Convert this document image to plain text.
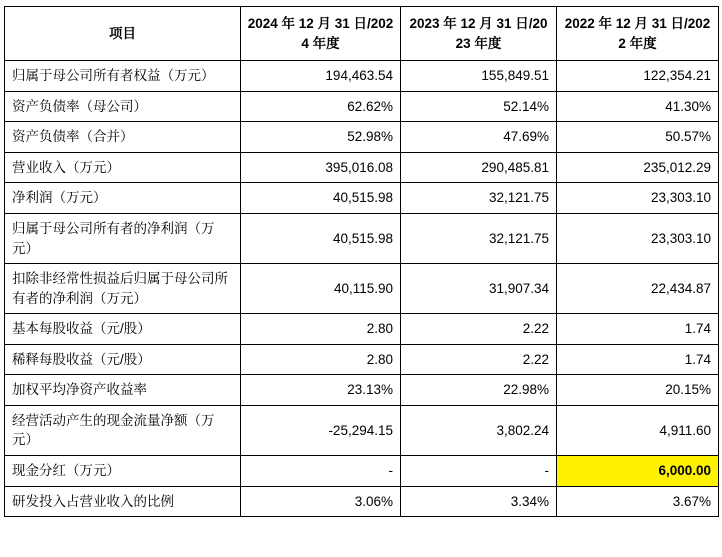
项目	2024 年 12 月 31 日/2024 年度	2023 年 12 月 31 日/2023 年度	2022 年 12 月 31 日/2022 年度
归属于母公司所有者权益（万元）	194,463.54	155,849.51	122,354.21
资产负债率（母公司）	62.62%	52.14%	41.30%
资产负债率（合并）	52.98%	47.69%	50.57%
营业收入（万元）	395,016.08	290,485.81	235,012.29
净利润（万元）	40,515.98	32,121.75	23,303.10
归属于母公司所有者的净利润（万元）	40,515.98	32,121.75	23,303.10
扣除非经常性损益后归属于母公司所有者的净利润（万元）	40,115.90	31,907.34	22,434.87
基本每股收益（元/股）	2.80	2.22	1.74
稀释每股收益（元/股）	2.80	2.22	1.74
加权平均净资产收益率	23.13%	22.98%	20.15%
经营活动产生的现金流量净额（万元）	-25,294.15	3,802.24	4,911.60
现金分红（万元）	-	-	6,000.00
研发投入占营业收入的比例	3.06%	3.34%	3.67%
